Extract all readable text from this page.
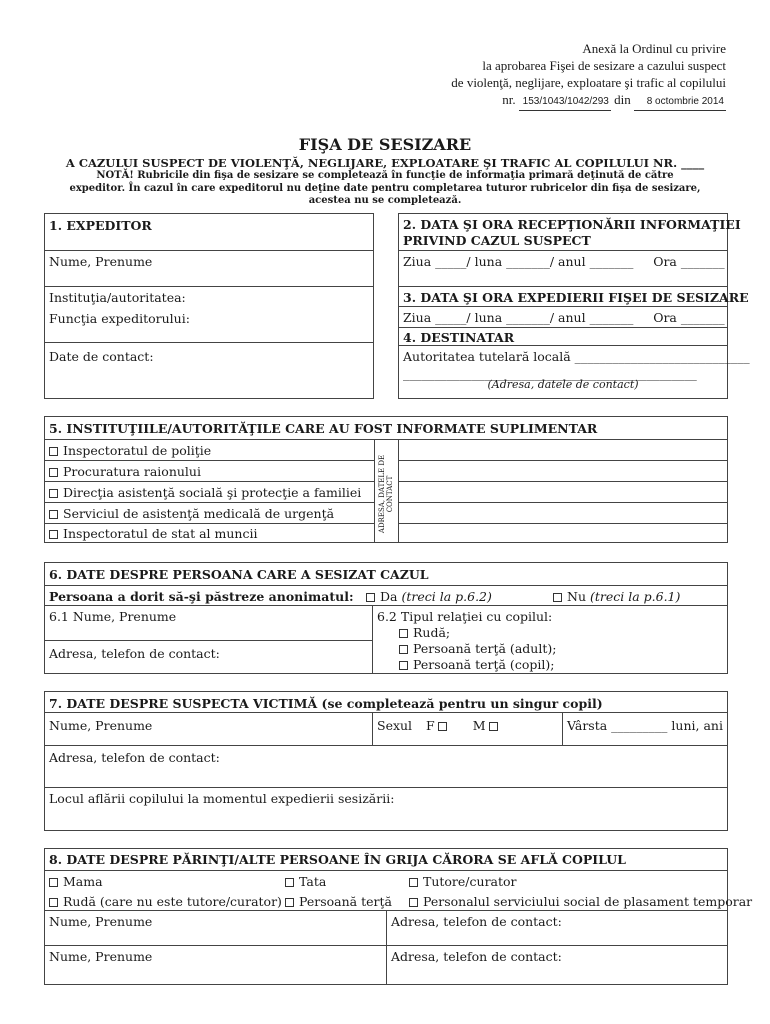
Anexă la Ordinul cu privire
la aprobarea Fişei de sesizare a cazului suspect
de violenţă, neglijare, exploatare şi trafic al copilului
nr. 153/1043/1042/293 din 8 octombrie 2014
FIŞA DE SESIZARE
A CAZULUI SUSPECT DE VIOLENŢĂ, NEGLIJARE, EXPLOATARE ŞI TRAFIC AL COPILULUI NR. ____
NOTĂ! Rubricile din fişa de sesizare se completează în funcţie de informaţia primară deţinută de către
expeditor. În cazul în care expeditorul nu deţine date pentru completarea tuturor rubricelor din fişa de sesizare,
acestea nu se completează.
1. EXPEDITOR
Nume, Prenume
Instituţia/autoritatea:
Funcţia expeditorului:
Date de contact:
2. DATA ŞI ORA RECEPŢIONĂRII INFORMAŢIEI
PRIVIND CAZUL SUSPECT
Ziua _____/ luna _______/ anul _______     Ora _______
3. DATA ŞI ORA EXPEDIERII FIŞEI DE SESIZARE
Ziua _____/ luna _______/ anul _______     Ora _______
4. DESTINATAR
Autoritatea tutelară locală ____________________________
_______________________________________________
(Adresa, datele de contact)
5. INSTITUŢIILE/AUTORITĂŢILE CARE AU FOST INFORMATE SUPLIMENTAR
Inspectoratul de poliţie
Procuratura raionului
Direcţia asistenţă socială şi protecţie a familiei
Serviciul de asistenţă medicală de urgenţă
Inspectoratul de stat al muncii
ADRESA, DATELE DE CONTACT
6. DATE DESPRE PERSOANA CARE A SESIZAT CAZUL
Persoana a dorit să-şi păstreze anonimatul:	Da (treci la p.6.2)	Nu (treci la p.6.1)
6.1 Nume, Prenume
Adresa, telefon de contact:
6.2 Tipul relaţiei cu copilul:
Rudă;
Persoană terţă (adult);
Persoană terţă (copil);
7. DATE DESPRE SUSPECTA VICTIMĂ (se completează pentru un singur copil)
Nume, Prenume	Sexul F	M	Vârsta _________ luni, ani
Adresa, telefon de contact:
Locul aflării copilului la momentul expedierii sesizării:
8. DATE DESPRE PĂRINŢI/ALTE PERSOANE ÎN GRIJA CĂRORA SE AFLĂ COPILUL
Mama	Tata	Tutore/curator
Rudă (care nu este tutore/curator)	Persoană terţă	Personalul serviciului social de plasament temporar
Nume, Prenume	Adresa, telefon de contact:
Nume, Prenume	Adresa, telefon de contact:
